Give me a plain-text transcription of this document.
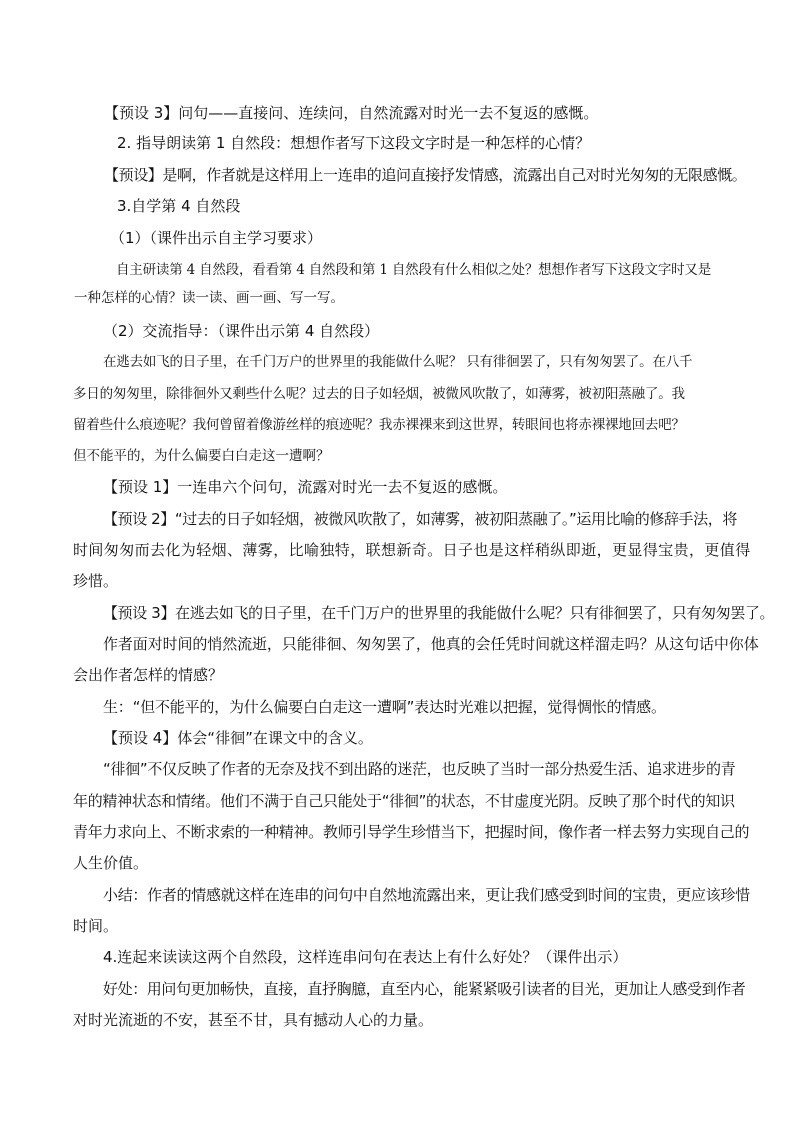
【预设 3】问句——直接问、连续问，自然流露对时光一去不复返的感慨。
2. 指导朗读第 1 自然段：想想作者写下这段文字时是一种怎样的心情？
【预设】是啊，作者就是这样用上一连串的追问直接抒发情感，流露出自己对时光匆匆的无限感慨。
3.自学第 4 自然段
（1）（课件出示自主学习要求）
自主研读第 4 自然段，看看第 4 自然段和第 1 自然段有什么相似之处？想想作者写下这段文字时又是
一种怎样的心情？读一读、画一画、写一写。
（2）交流指导：（课件出示第 4 自然段）
在逃去如飞的日子里，在千门万户的世界里的我能做什么呢？ 只有徘徊罢了，只有匆匆罢了。在八千
多日的匆匆里，除徘徊外又剩些什么呢？过去的日子如轻烟，被微风吹散了，如薄雾，被初阳蒸融了。我
留着些什么痕迹呢？我何曾留着像游丝样的痕迹呢？我赤裸裸来到这世界，转眼间也将赤裸裸地回去吧？
但不能平的，为什么偏要白白走这一遭啊？
【预设 1】一连串六个问句，流露对时光一去不复返的感慨。
【预设 2】“过去的日子如轻烟，被微风吹散了，如薄雾，被初阳蒸融了。”运用比喻的修辞手法，将
时间匆匆而去化为轻烟、薄雾，比喻独特，联想新奇。日子也是这样稍纵即逝，更显得宝贵，更值得
珍惜。
【预设 3】在逃去如飞的日子里，在千门万户的世界里的我能做什么呢？只有徘徊罢了，只有匆匆罢了。
作者面对时间的悄然流逝，只能徘徊、匆匆罢了，他真的会任凭时间就这样溜走吗？从这句话中你体
会出作者怎样的情感？
生：“但不能平的，为什么偏要白白走这一遭啊”表达时光难以把握，觉得惆怅的情感。
【预设 4】体会“徘徊”在课文中的含义。
“徘徊”不仅反映了作者的无奈及找不到出路的迷茫，也反映了当时一部分热爱生活、追求进步的青
年的精神状态和情绪。他们不满于自己只能处于“徘徊”的状态，不甘虚度光阴。反映了那个时代的知识
青年力求向上、不断求索的一种精神。教师引导学生珍惜当下，把握时间，像作者一样去努力实现自己的
人生价值。
小结：作者的情感就这样在连串的问句中自然地流露出来，更让我们感受到时间的宝贵，更应该珍惜
时间。
4.连起来读读这两个自然段，这样连串问句在表达上有什么好处？（课件出示）
好处：用问句更加畅快，直接，直抒胸臆，直至内心，能紧紧吸引读者的目光，更加让人感受到作者
对时光流逝的不安，甚至不甘，具有撼动人心的力量。
